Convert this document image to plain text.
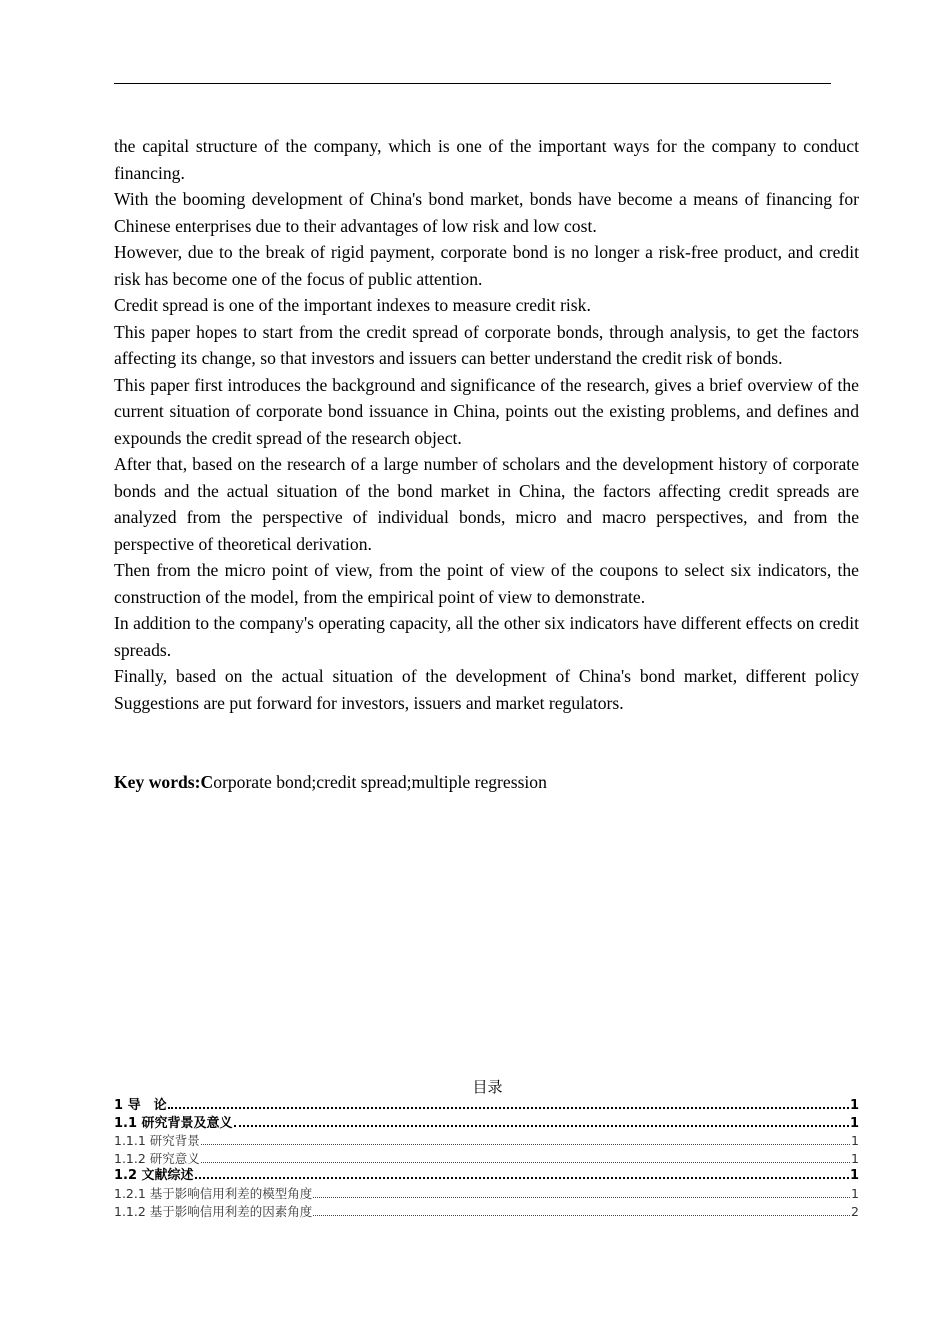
the capital structure of the company, which is one of the important ways for the company to conduct financing.

With the booming development of China's bond market, bonds have become a means of financing for Chinese enterprises due to their advantages of low risk and low cost.

However, due to the break of rigid payment, corporate bond is no longer a risk-free product, and credit risk has become one of the focus of public attention.

Credit spread is one of the important indexes to measure credit risk.

This paper hopes to start from the credit spread of corporate bonds, through analysis, to get the factors affecting its change, so that investors and issuers can better understand the credit risk of bonds.

This paper first introduces the background and significance of the research, gives a brief overview of the current situation of corporate bond issuance in China, points out the existing problems, and defines and expounds the credit spread of the research object.

After that, based on the research of a large number of scholars and the development history of corporate bonds and the actual situation of the bond market in China, the factors affecting credit spreads are analyzed from the perspective of individual bonds, micro and macro perspectives, and from the perspective of theoretical derivation.

Then from the micro point of view, from the point of view of the coupons to select six indicators, the construction of the model, from the empirical point of view to demonstrate.

In addition to the company's operating capacity, all the other six indicators have different effects on credit spreads.

Finally, based on the actual situation of the development of China's bond market, different policy Suggestions are put forward for investors, issuers and market regulators.

Key words:Corporate bond;credit spread;multiple regression
目录
1 导　论	1
1.1 研究背景及意义	1
1.1.1 研究背景	1
1.1.2 研究意义	1
1.2 文献综述	1
1.2.1 基于影响信用利差的模型角度	1
1.1.2 基于影响信用利差的因素角度	2
